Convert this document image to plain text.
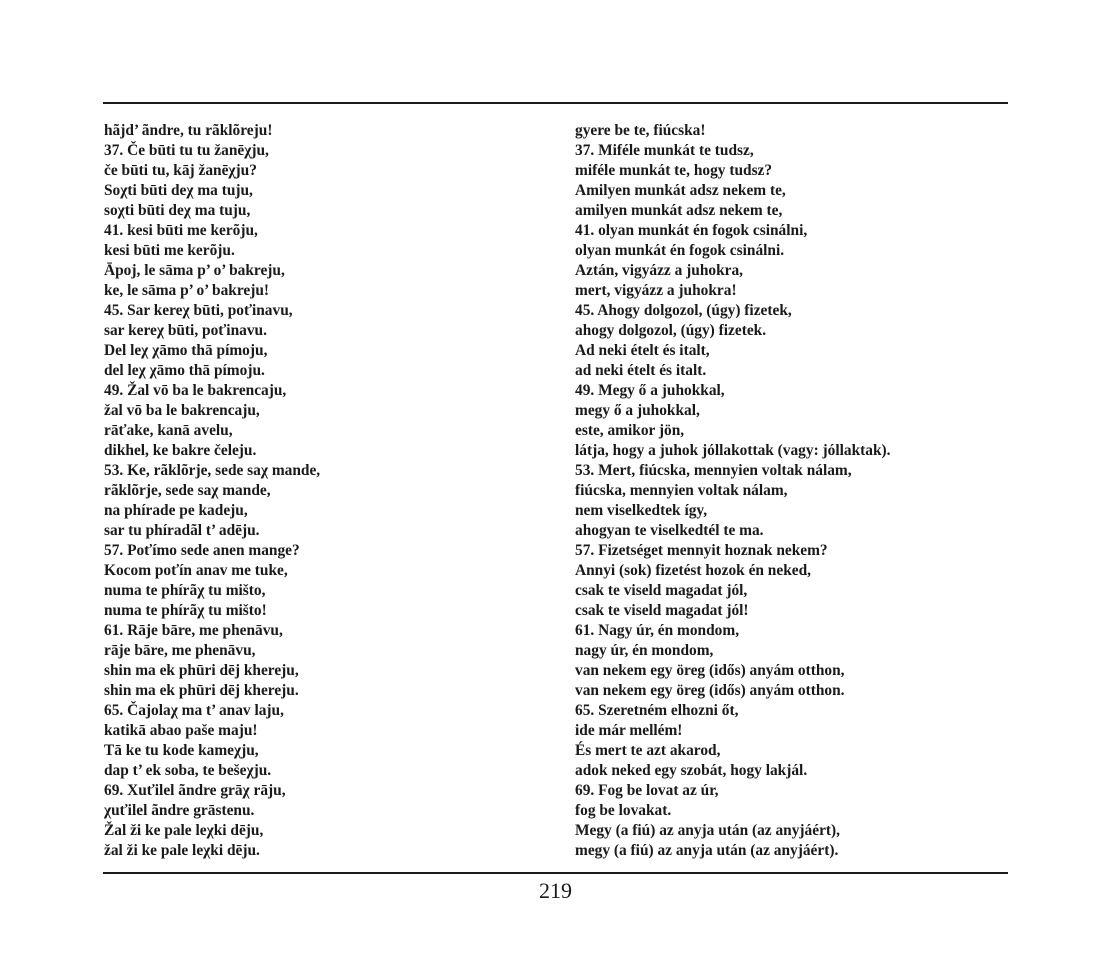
hãjd’ ãndre, tu rãklõreju!
37. Če būti tu tu žanēχju,
če būti tu, kāj žanēχju?
Soχti būti deχ ma tuju,
soχti būti deχ ma tuju,
41. kesi būti me kerõju,
kesi būti me kerõju.
Āpoj, le sāma p’ o’ bakreju,
ke, le sāma p’ o’ bakreju!
45. Sar kereχ būti, poťinavu,
sar kereχ būti, poťinavu.
Del leχ χāmo thā pímoju,
del leχ χāmo thā pímoju.
49. Žal vō ba le bakrencaju,
žal vō ba le bakrencaju,
rāťake, kanā avelu,
dikhel, ke bakre čeleju.
53. Ke, rãklõrje, sede saχ mande,
rãklõrje, sede saχ mande,
na phírade pe kadeju,
sar tu phíradãl t’ adēju.
57. Poťímo sede anen mange?
Kocom poťín anav me tuke,
numa te phírãχ tu mišto,
numa te phírãχ tu mišto!
61. Rāje bāre, me phenāvu,
rāje bāre, me phenāvu,
shin ma ek phūri dēj khereju,
shin ma ek phūri dēj khereju.
65. Čajolaχ ma t’ anav laju,
katikā abao paše maju!
Tā ke tu kode kameχju,
dap t’ ek soba, te bešeχju.
69. Xuťilel ãndre grāχ rāju,
χuťilel ãndre grāstenu.
Žal ži ke pale leχki dēju,
žal ži ke pale leχki dēju.
gyere be te, fiúcska!
37. Miféle munkát te tudsz,
miféle munkát te, hogy tudsz?
Amilyen munkát adsz nekem te,
amilyen munkát adsz nekem te,
41. olyan munkát én fogok csinálni,
olyan munkát én fogok csinálni.
Aztán, vigyázz a juhokra,
mert, vigyázz a juhokra!
45. Ahogy dolgozol, (úgy) fizetek,
ahogy dolgozol, (úgy) fizetek.
Ad neki ételt és italt,
ad neki ételt és italt.
49. Megy ő a juhokkal,
megy ő a juhokkal,
este, amikor jön,
látja, hogy a juhok jóllakottak (vagy: jóllaktak).
53. Mert, fiúcska, mennyien voltak nálam,
fiúcska, mennyien voltak nálam,
nem viselkedtek így,
ahogyan te viselkedtél te ma.
57. Fizetséget mennyit hoznak nekem?
Annyi (sok) fizetést hozok én neked,
csak te viseld magadat jól,
csak te viseld magadat jól!
61. Nagy úr, én mondom,
nagy úr, én mondom,
van nekem egy öreg (idős) anyám otthon,
van nekem egy öreg (idős) anyám otthon.
65. Szeretném elhozni őt,
ide már mellém!
És mert te azt akarod,
adok neked egy szobát, hogy lakjál.
69. Fog be lovat az úr,
fog be lovakat.
Megy (a fiú) az anyja után (az anyjáért),
megy (a fiú) az anyja után (az anyjáért).
219
